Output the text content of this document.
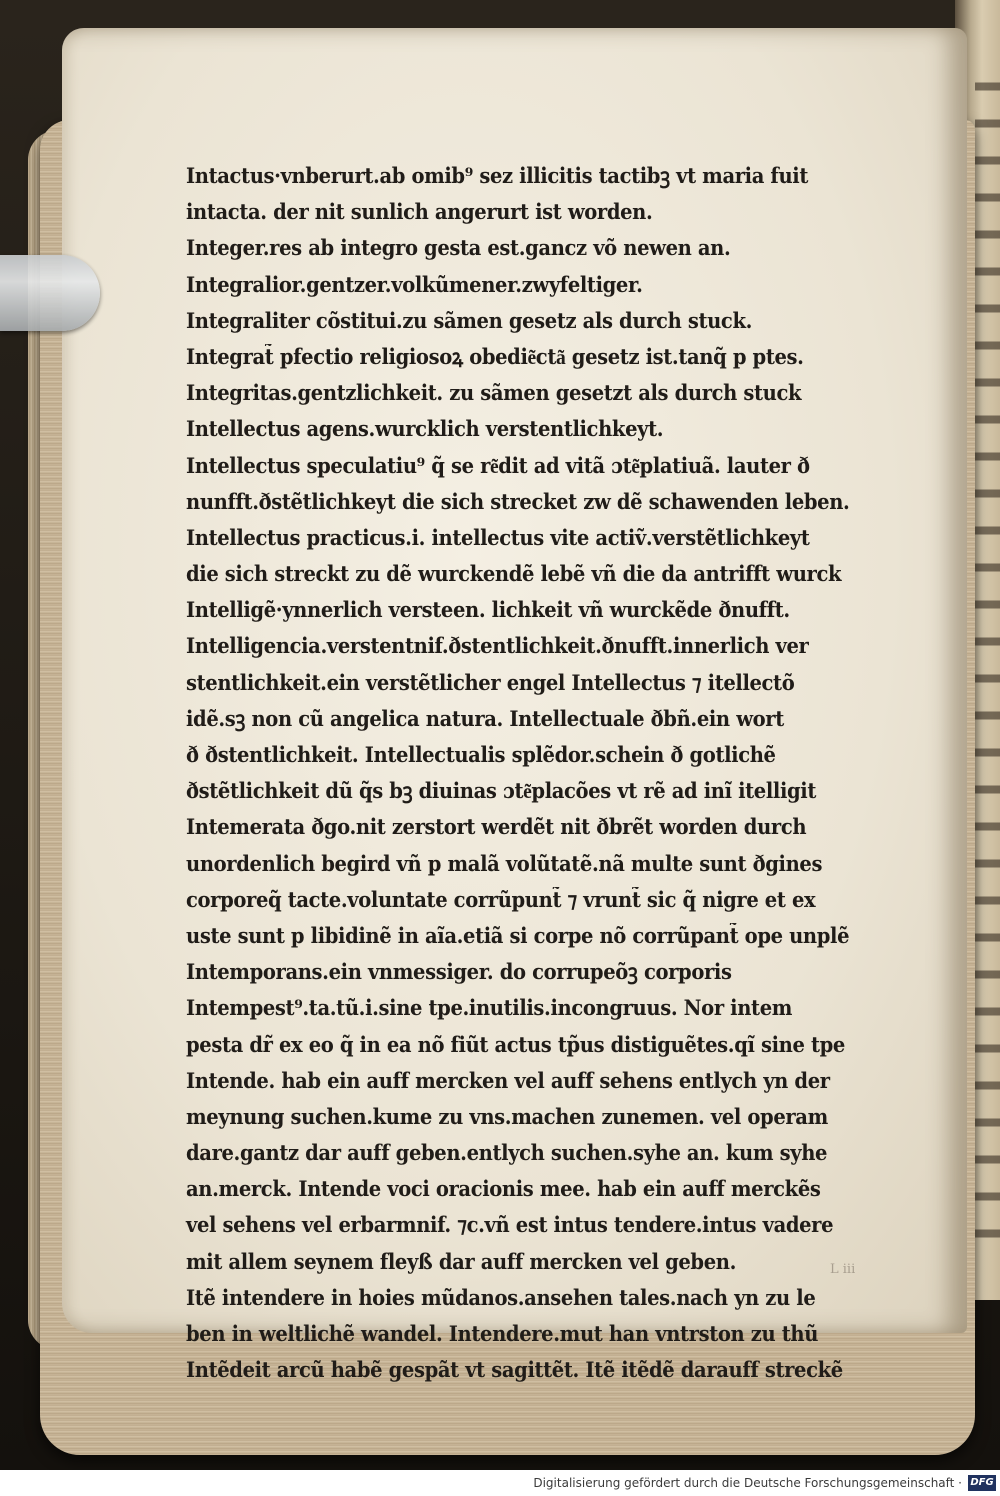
Intactus·vnberurt.ab omib⁹ sez illicitis tactibꝫ vt maria fuit
intacta. der nit sunlich angerurt ist worden.
Integer.res ab integro gesta est.gancz võ newen an.
Integralior.gentzer.volkũmener.zwyfeltiger.
Integraliter cõstitui.zu sãmen gesetz als durch stuck.
Integrat̃ pfectio religiosoꝝ obedie͂cta͂ gesetz ist.tanq̃ p ptes.
Integritas.gentzlichkeit. zu sãmen gesetzt als durch stuck
Intellectus agens.wurcklich verstentlichkeyt.
Intellectus speculatiu⁹ q̃ se re͂dit ad vitã ɔte͂platiuã. lauter ð
nunfft.ðstẽtlichkeyt die sich strecket zw dẽ schawenden leben.
Intellectus practicus.i. intellectus vite actiṽ.verstẽtlichkeyt
die sich streckt zu dẽ wurckendẽ lebẽ vñ die da antrifft wurck
Intelligẽ·ynnerlich versteen. lichkeit vñ wurckẽde ðnufft.
Intelligencia.verstentnif.ðstentlichkeit.ðnufft.innerlich ver
stentlichkeit.ein verstẽtlicher engel Intellectus ⁊ itellectõ
idẽ.sꝫ non cũ angelica natura. Intellectuale ðbñ.ein wort
ð ðstentlichkeit. Intellectualis splẽdor.schein ð gotlichẽ
ðstẽtlichkeit dũ q̃s bꝫ diuinas ɔte͂placões vt rẽ ad inĩ itelligit
Intemerata ðgo.nit zerstort werdẽt nit ðbrẽt worden durch
unordenlich begird vñ p malã volũtatẽ.nã multe sunt ðgines
corporeq̃ tacte.voluntate corrũpunt̃ ⁊ vrunt̃ sic q̃ nigre et ex
uste sunt p libidinẽ in aĩa.etiã si corpe nõ corrũpant̃ ope unplẽ
Intemporans.ein vnmessiger. do corrupeõꝫ corporis
Intempest⁹.ta.tũ.i.sine tpe.inutilis.incongruus. Nor intem
pesta dr̃ ex eo q̃ in ea nõ fiũt actus tp̃us distiguẽtes.qĩ sine tpe
Intende. hab ein auff mercken vel auff sehens entlych yn der
meynung suchen.kume zu vns.machen zunemen. vel operam
dare.gantz dar auff geben.entlych suchen.syhe an. kum syhe
an.merck. Intende voci oracionis mee. hab ein auff merckẽs
vel sehens vel erbarmnif. ⁊c.vñ est intus tendere.intus vadere
mit allem seynem fleyß dar auff mercken vel geben.
Itẽ intendere in hoies mũdanos.ansehen tales.nach yn zu le
ben in weltlichẽ wandel. Intendere.mut han vntrston zu thũ
Intẽdeit arcũ habẽ gespãt vt sagittẽt. Itẽ itẽdẽ darauff streckẽ
L iii
Digitalisierung gefördert durch die Deutsche Forschungsgemeinschaft · DFG
